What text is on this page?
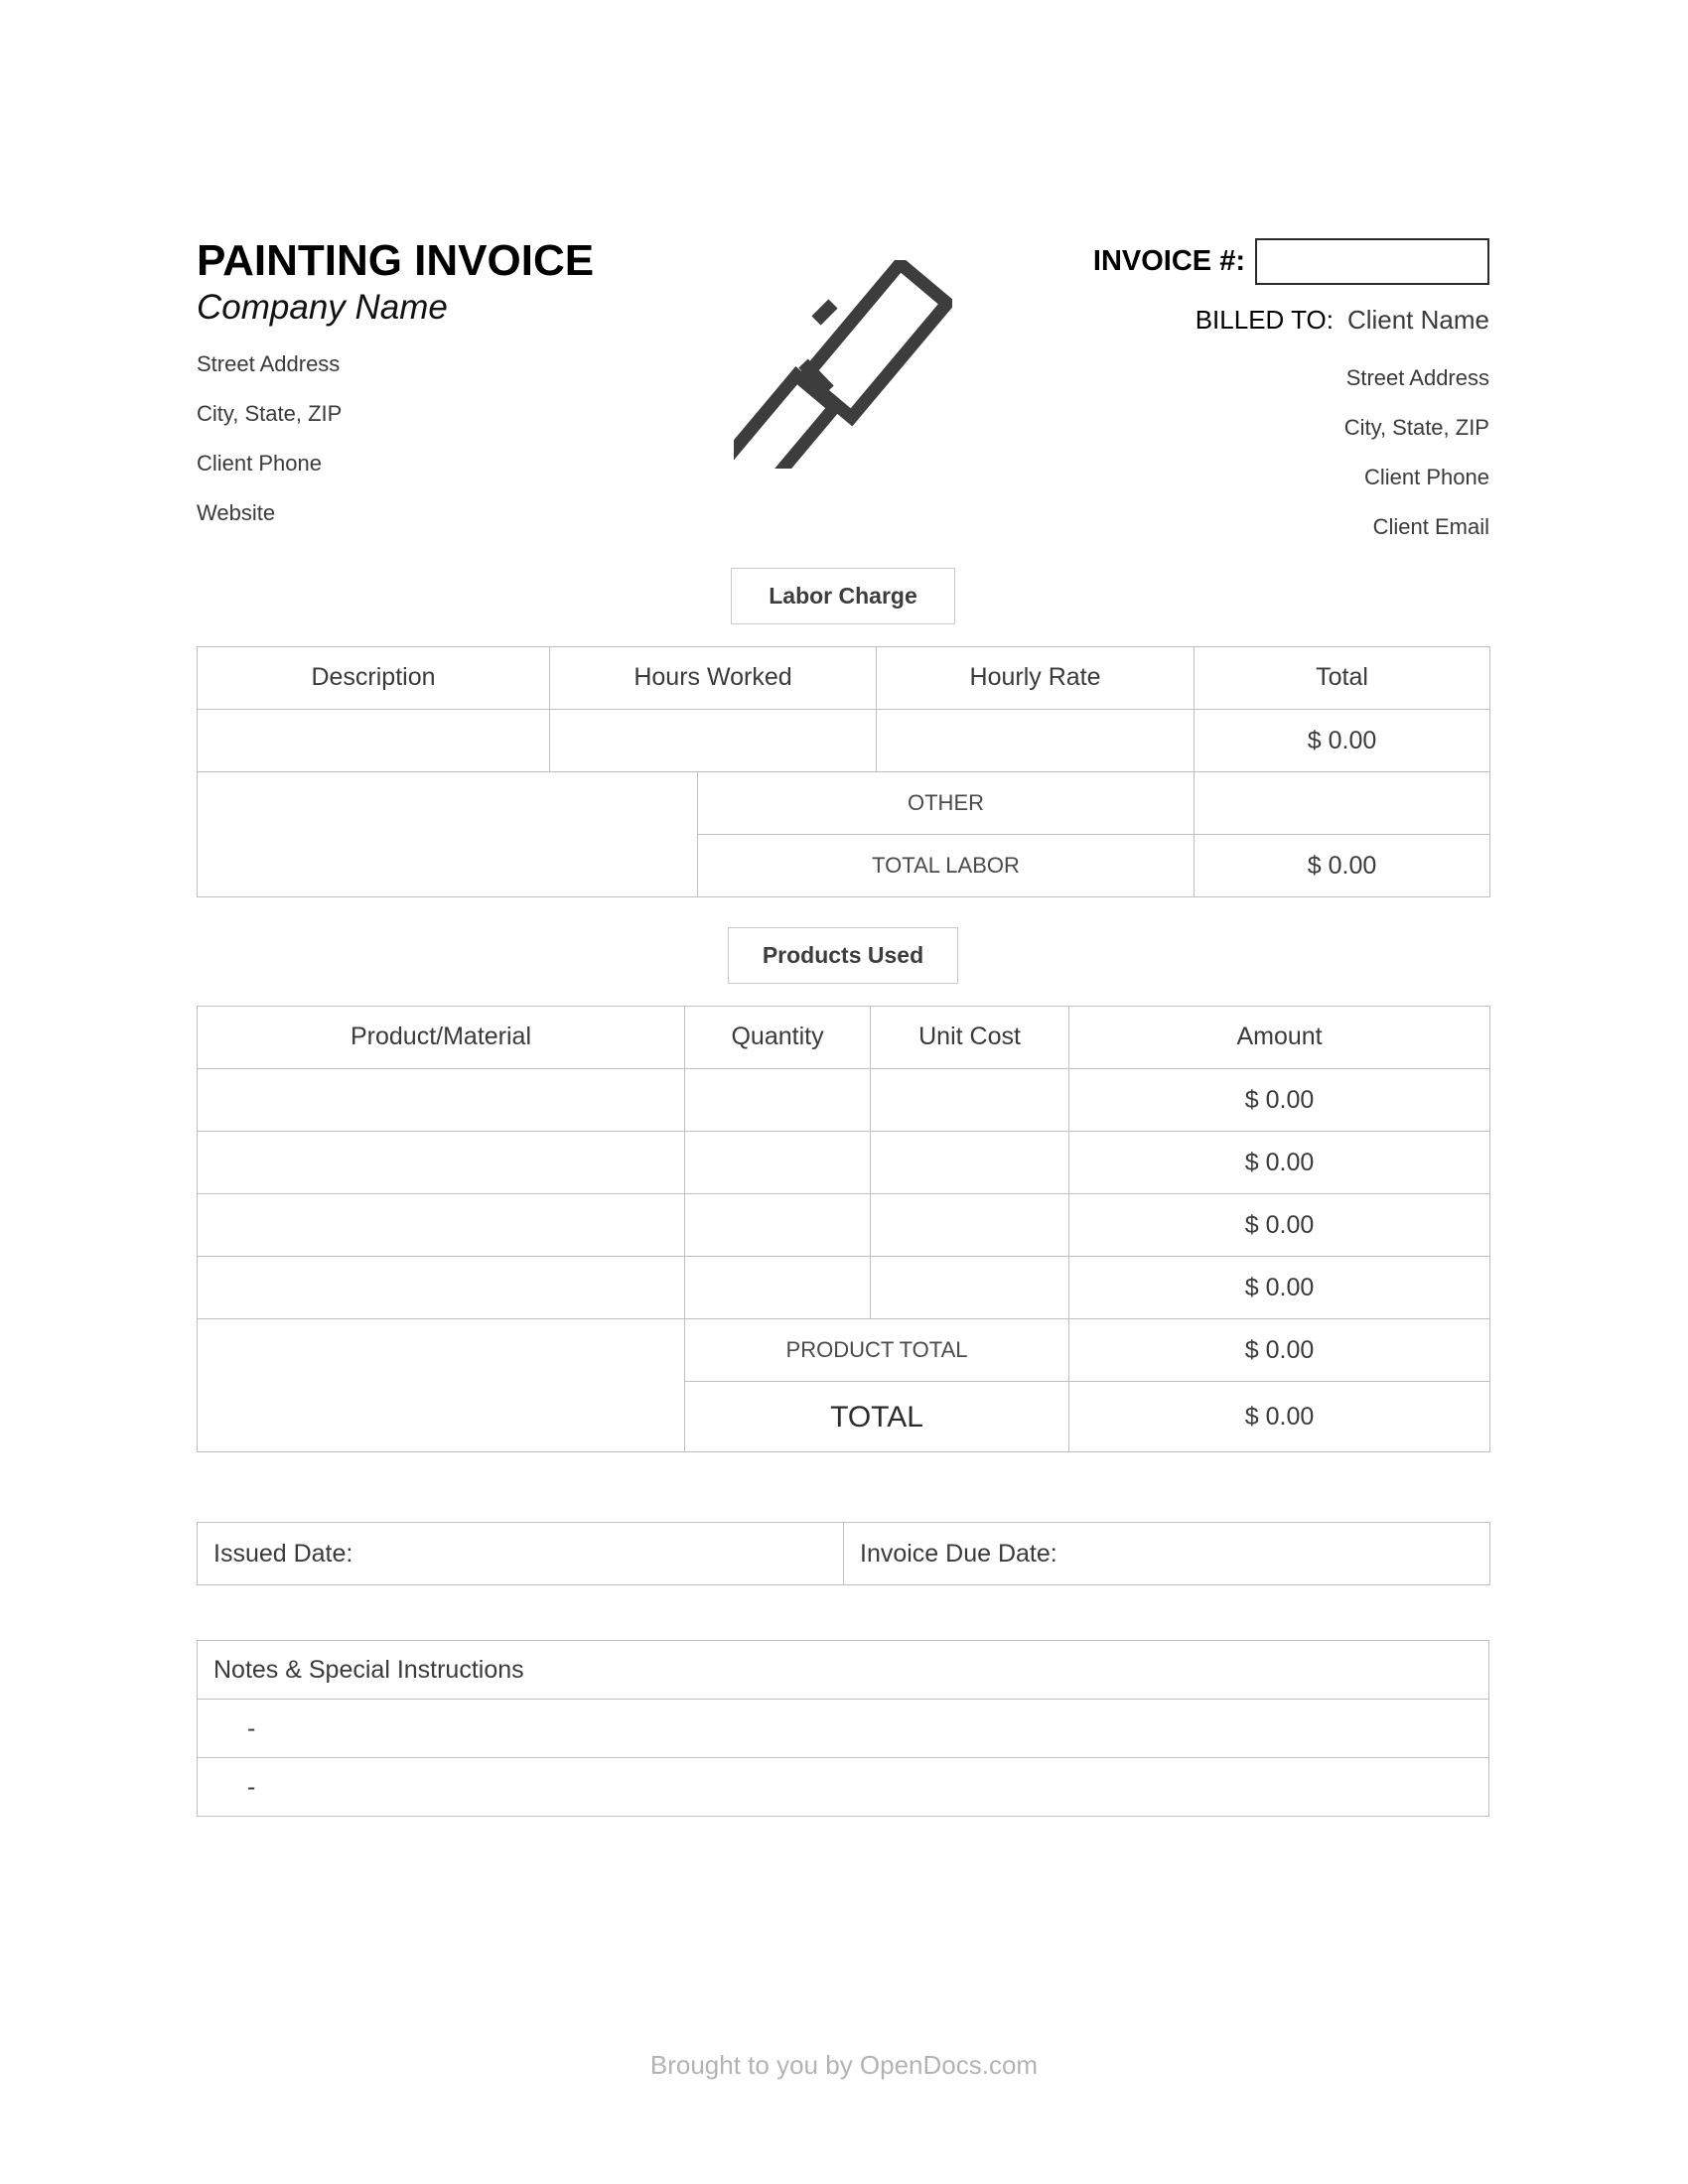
PAINTING INVOICE
Company Name
Street Address
City, State, ZIP
Client Phone
Website
INVOICE #:
BILLED TO: Client Name
Street Address
City, State, ZIP
Client Phone
Client Email
Labor Charge
Description	Hours Worked		Hourly Rate	Total
				$ 0.00
		OTHER		
		TOTAL LABOR		$ 0.00
Products Used
Product/Material	Quantity	Unit Cost	Amount
			$ 0.00
			$ 0.00
			$ 0.00
			$ 0.00
	PRODUCT TOTAL		$ 0.00
	TOTAL		$ 0.00
Issued Date:	Invoice Due Date:
Notes & Special Instructions
-
-
Brought to you by OpenDocs.com
